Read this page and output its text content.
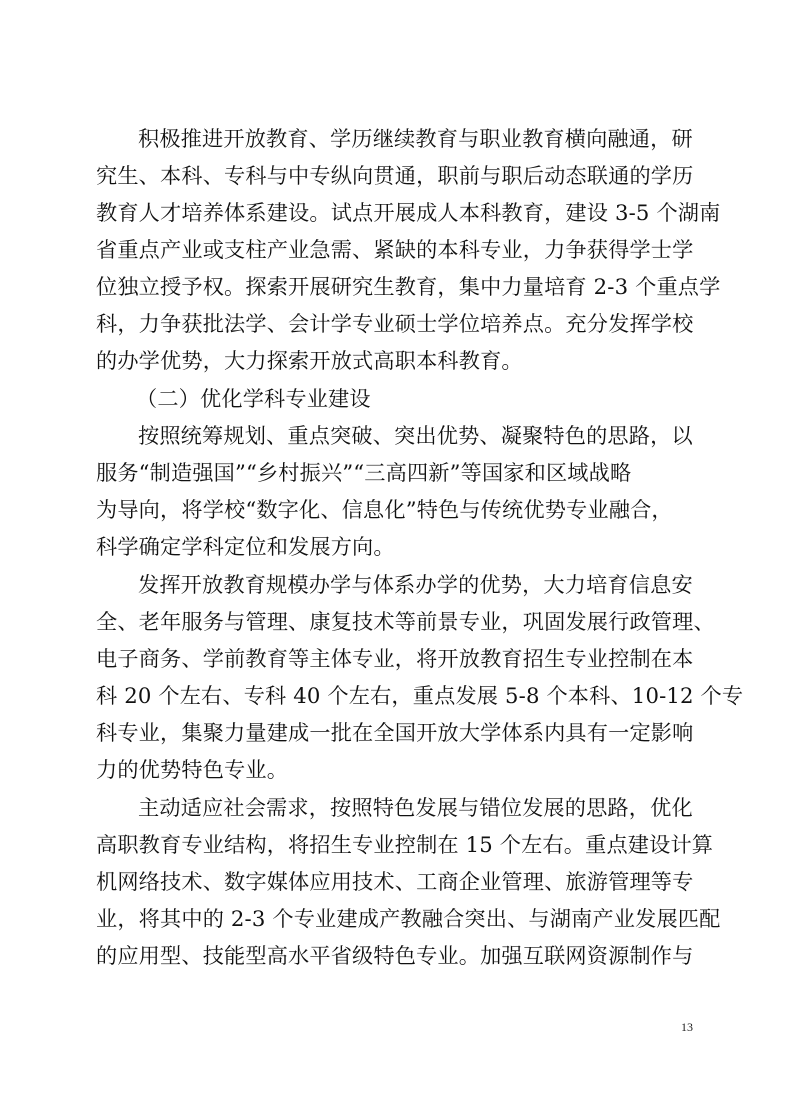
积极推进开放教育、学历继续教育与职业教育横向融通，研
究生、本科、专科与中专纵向贯通，职前与职后动态联通的学历
教育人才培养体系建设。试点开展成人本科教育，建设 3-5 个湖南
省重点产业或支柱产业急需、紧缺的本科专业，力争获得学士学
位独立授予权。探索开展研究生教育，集中力量培育 2-3 个重点学
科，力争获批法学、会计学专业硕士学位培养点。充分发挥学校
的办学优势，大力探索开放式高职本科教育。
（二）优化学科专业建设
按照统筹规划、重点突破、突出优势、凝聚特色的思路，以
服务“制造强国”“乡村振兴”“三高四新”等国家和区域战略
为导向，将学校“数字化、信息化”特色与传统优势专业融合，
科学确定学科定位和发展方向。
发挥开放教育规模办学与体系办学的优势，大力培育信息安
全、老年服务与管理、康复技术等前景专业，巩固发展行政管理、
电子商务、学前教育等主体专业，将开放教育招生专业控制在本
科 20 个左右、专科 40 个左右，重点发展 5-8 个本科、10-12 个专
科专业，集聚力量建成一批在全国开放大学体系内具有一定影响
力的优势特色专业。
主动适应社会需求，按照特色发展与错位发展的思路，优化
高职教育专业结构，将招生专业控制在 15 个左右。重点建设计算
机网络技术、数字媒体应用技术、工商企业管理、旅游管理等专
业，将其中的 2-3 个专业建成产教融合突出、与湖南产业发展匹配
的应用型、技能型高水平省级特色专业。加强互联网资源制作与
13
